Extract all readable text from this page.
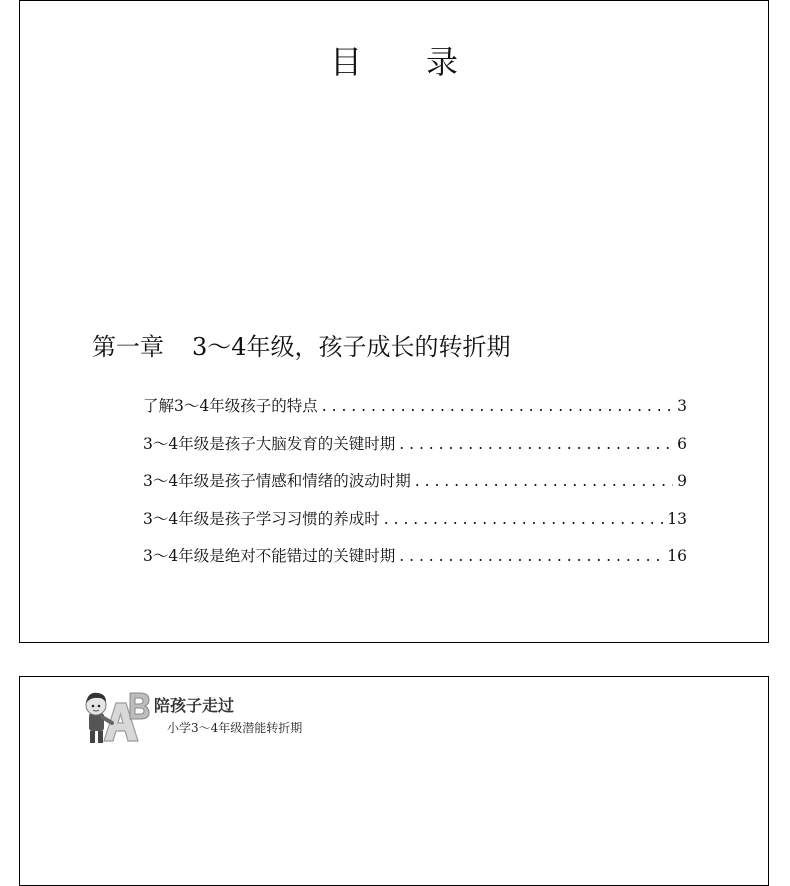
目录
第一章 3～4年级，孩子成长的转折期
了解3～4年级孩子的特点 . . .	3
3～4年级是孩子大脑发育的关键时期 . . .	6
3～4年级是孩子情感和情绪的波动时期 . . .	9
3～4年级是孩子学习习惯的养成时 . . .	13
3～4年级是绝对不能错过的关键时期 . . .	16
陪孩子走过
小学3～4年级潜能转折期
